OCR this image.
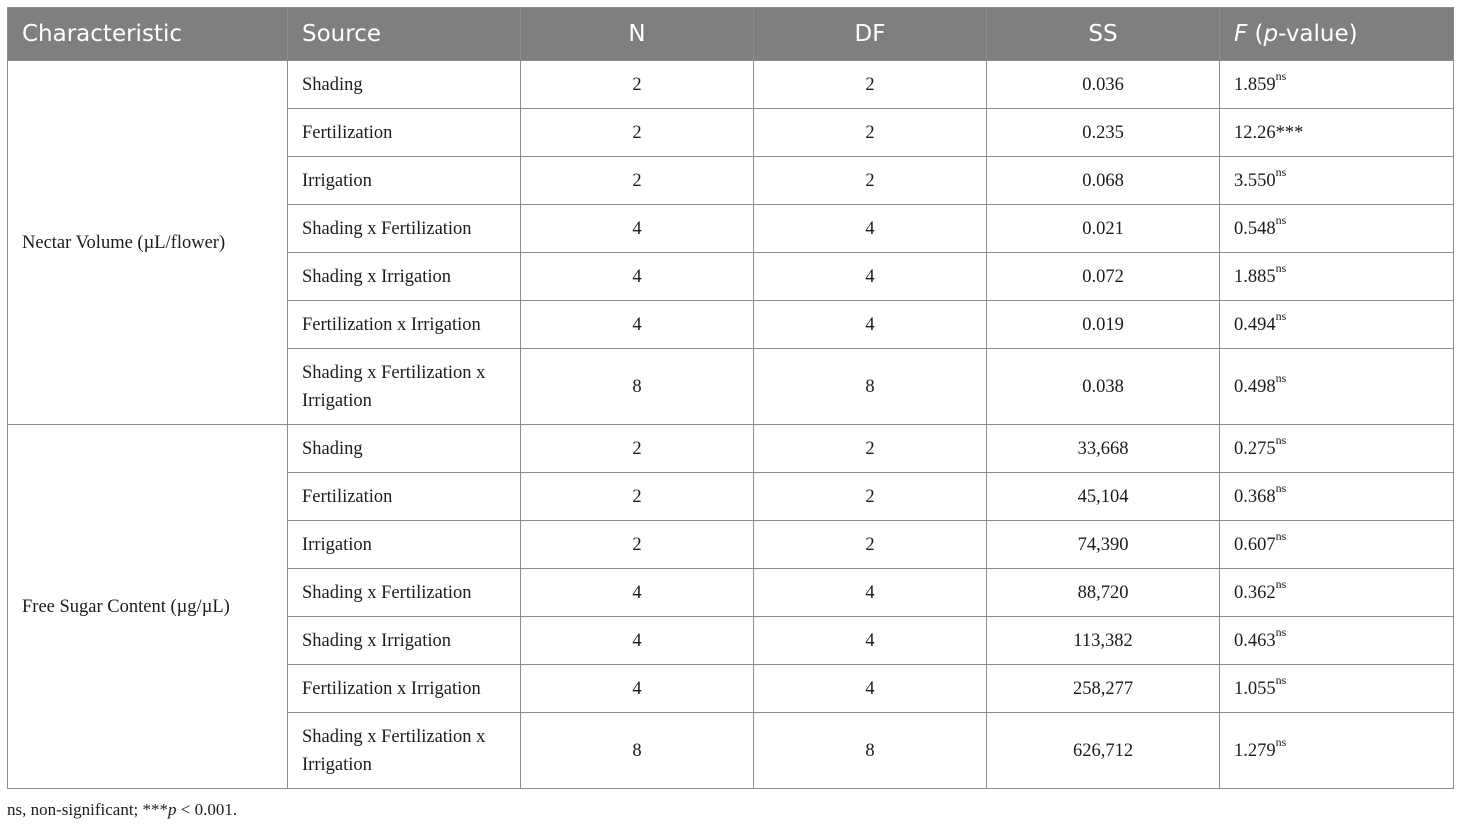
Characteristic	Source	N	DF	SS	F (p-value)
Nectar Volume (µL/flower)	Shading	2	2	0.036	$1.859^{ns}$
	Fertilization	2	2	0.235	12.26***
	Irrigation	2	2	0.068	$3.550^{ns}$
	Shading x Fertilization	4	4	0.021	$0.548^{ns}$
	Shading x Irrigation	4	4	0.072	$1.885^{ns}$
	Fertilization x Irrigation	4	4	0.019	$0.494^{ns}$
	Shading x Fertilization x Irrigation	8	8	0.038	$0.498^{ns}$
Free Sugar Content (µg/µL)	Shading	2	2	33,668	$0.275^{ns}$
	Fertilization	2	2	45,104	$0.368^{ns}$
	Irrigation	2	2	74,390	$0.607^{ns}$
	Shading x Fertilization	4	4	88,720	$0.362^{ns}$
	Shading x Irrigation	4	4	113,382	$0.463^{ns}$
	Fertilization x Irrigation	4	4	258,277	$1.055^{ns}$
	Shading x Fertilization x Irrigation	8	8	626,712	$1.279^{ns}$
ns, non-significant; ***p < 0.001.
